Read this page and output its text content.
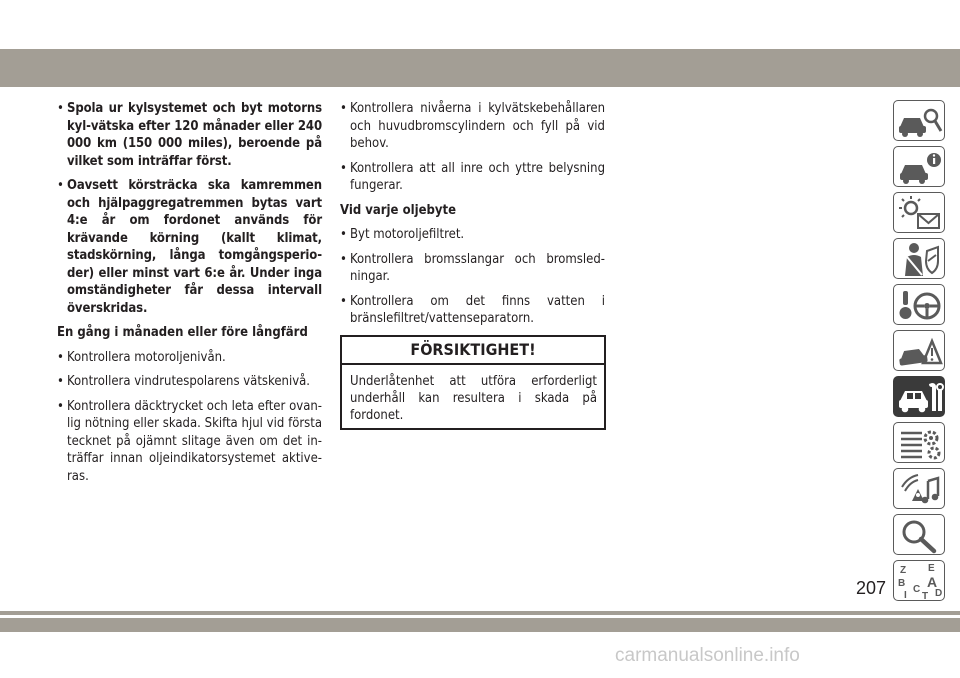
• Spola ur kylsystemet och byt motorns kyl-vätska efter 120 månader eller 240 000 km (150 000 miles), beroende på vilket som inträffar först.
• Oavsett körsträcka ska kamremmen och hjälpaggregatremmen bytas vart 4:e år om fordonet används för krävande körning (kallt klimat, stadskörning, långa tomgångsperio-der) eller minst vart 6:e år. Under inga omständigheter får dessa intervall överskridas.
En gång i månaden eller före långfärd
• Kontrollera motoroljenivån.
• Kontrollera vindrutespolarens vätskenivå.
• Kontrollera däcktrycket och leta efter ovan-lig nötning eller skada. Skifta hjul vid första tecknet på ojämnt slitage även om det in-träffar innan oljeindikatorsystemet aktive-ras.
• Kontrollera nivåerna i kylvätskebehållaren och huvudbromscylindern och fyll på vid behov.
• Kontrollera att all inre och yttre belysning fungerar.
Vid varje oljebyte
• Byt motoroljefiltret.
• Kontrollera bromsslangar och bromsled-ningar.
• Kontrollera om det finns vatten i bränslefiltret/vattenseparatorn.
FÖRSIKTIGHET!
Underlåtenhet att utföra erforderligt underhåll kan resultera i skada på fordonet.
Z E
B A
C D
I T
207
carmanualsonline.info
